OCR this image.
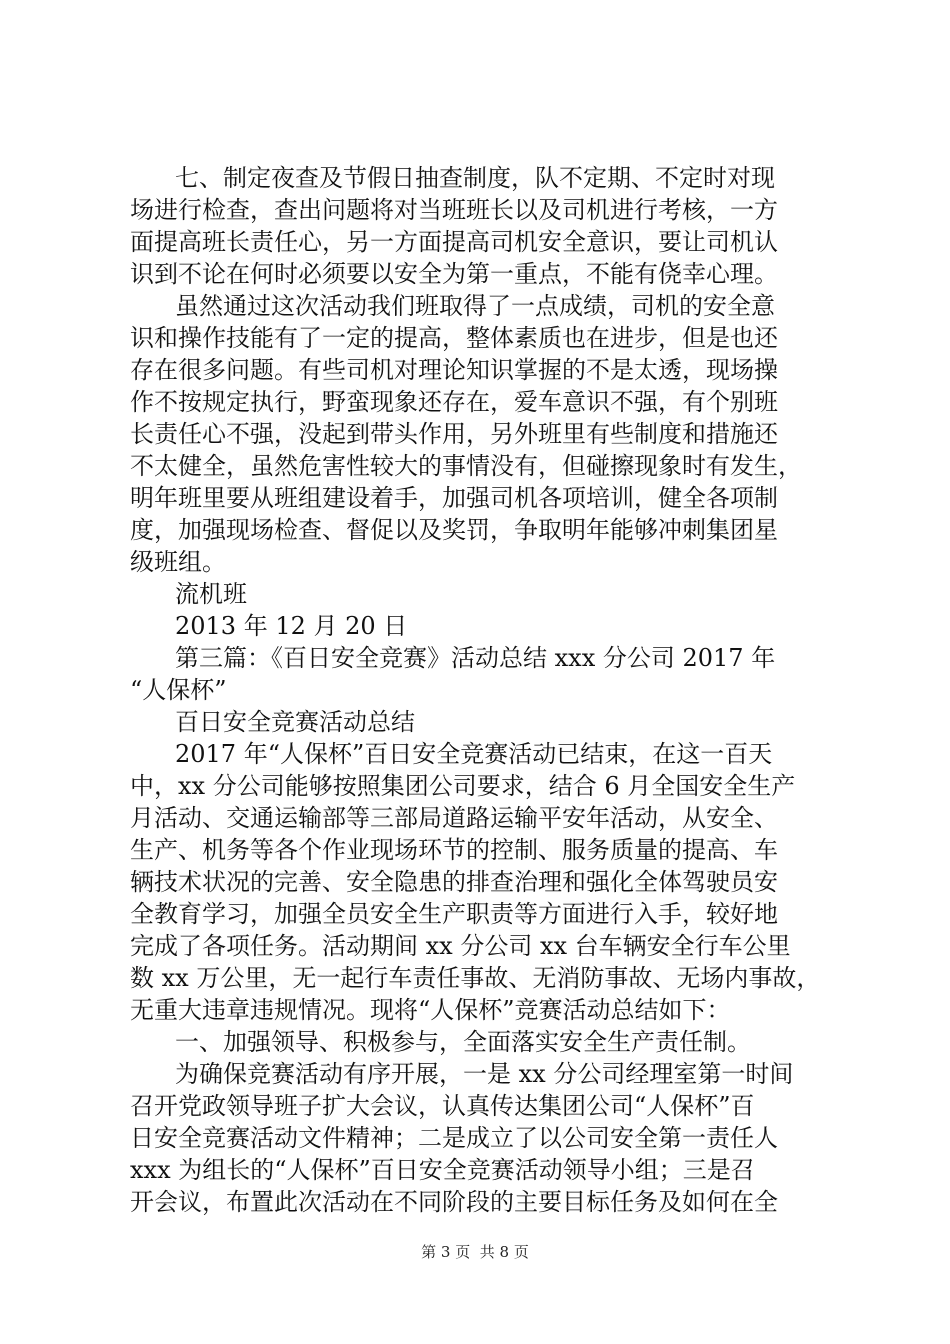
七、制定夜查及节假日抽查制度，队不定期、不定时对现
场进行检查，查出问题将对当班班长以及司机进行考核，一方
面提高班长责任心，另一方面提高司机安全意识，要让司机认
识到不论在何时必须要以安全为第一重点，不能有侥幸心理。
虽然通过这次活动我们班取得了一点成绩，司机的安全意
识和操作技能有了一定的提高，整体素质也在进步，但是也还
存在很多问题。有些司机对理论知识掌握的不是太透，现场操
作不按规定执行，野蛮现象还存在，爱车意识不强，有个别班
长责任心不强，没起到带头作用，另外班里有些制度和措施还
不太健全，虽然危害性较大的事情没有，但碰擦现象时有发生，
明年班里要从班组建设着手，加强司机各项培训，健全各项制
度，加强现场检查、督促以及奖罚，争取明年能够冲刺集团星
级班组。
流机班
2013 年 12 月 20 日
第三篇：《百日安全竞赛》活动总结 xxx 分公司 2017 年
“人保杯”
百日安全竞赛活动总结
2017 年“人保杯”百日安全竞赛活动已结束，在这一百天
中，xx 分公司能够按照集团公司要求，结合 6 月全国安全生产
月活动、交通运输部等三部局道路运输平安年活动，从安全、
生产、机务等各个作业现场环节的控制、服务质量的提高、车
辆技术状况的完善、安全隐患的排查治理和强化全体驾驶员安
全教育学习，加强全员安全生产职责等方面进行入手，较好地
完成了各项任务。活动期间 xx 分公司 xx 台车辆安全行车公里
数 xx 万公里，无一起行车责任事故、无消防事故、无场内事故，
无重大违章违规情况。现将“人保杯”竞赛活动总结如下：
一、加强领导、积极参与，全面落实安全生产责任制。
为确保竞赛活动有序开展，一是 xx 分公司经理室第一时间
召开党政领导班子扩大会议，认真传达集团公司“人保杯”百
第 3 页  共 8 页
日安全竞赛活动文件精神；二是成立了以公司安全第一责任人
xxx 为组长的“人保杯”百日安全竞赛活动领导小组；三是召
开会议，布置此次活动在不同阶段的主要目标任务及如何在全
